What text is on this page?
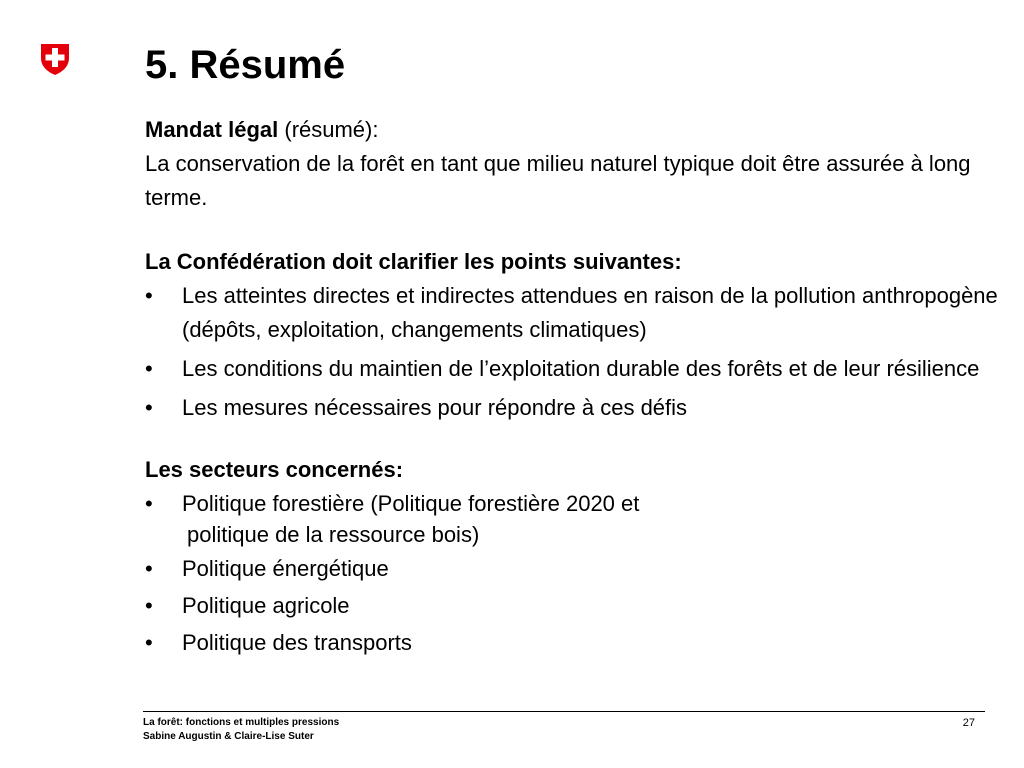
5. Résumé
Mandat légal (résumé):
La conservation de la forêt en tant que milieu naturel typique doit être assurée à long terme.
La Confédération doit clarifier les points suivantes:
• Les atteintes directes et indirectes attendues en raison de la pollution anthropogène (dépôts, exploitation, changements climatiques)
• Les conditions du maintien de l’exploitation durable des forêts et de leur résilience
• Les mesures nécessaires pour répondre à ces défis
Les secteurs concernés:
• Politique forestière (Politique forestière 2020 et
politique de la ressource bois)
• Politique énergétique
• Politique agricole
• Politique des transports
La forêt: fonctions et multiples pressions
Sabine Augustin & Claire-Lise Suter
27
